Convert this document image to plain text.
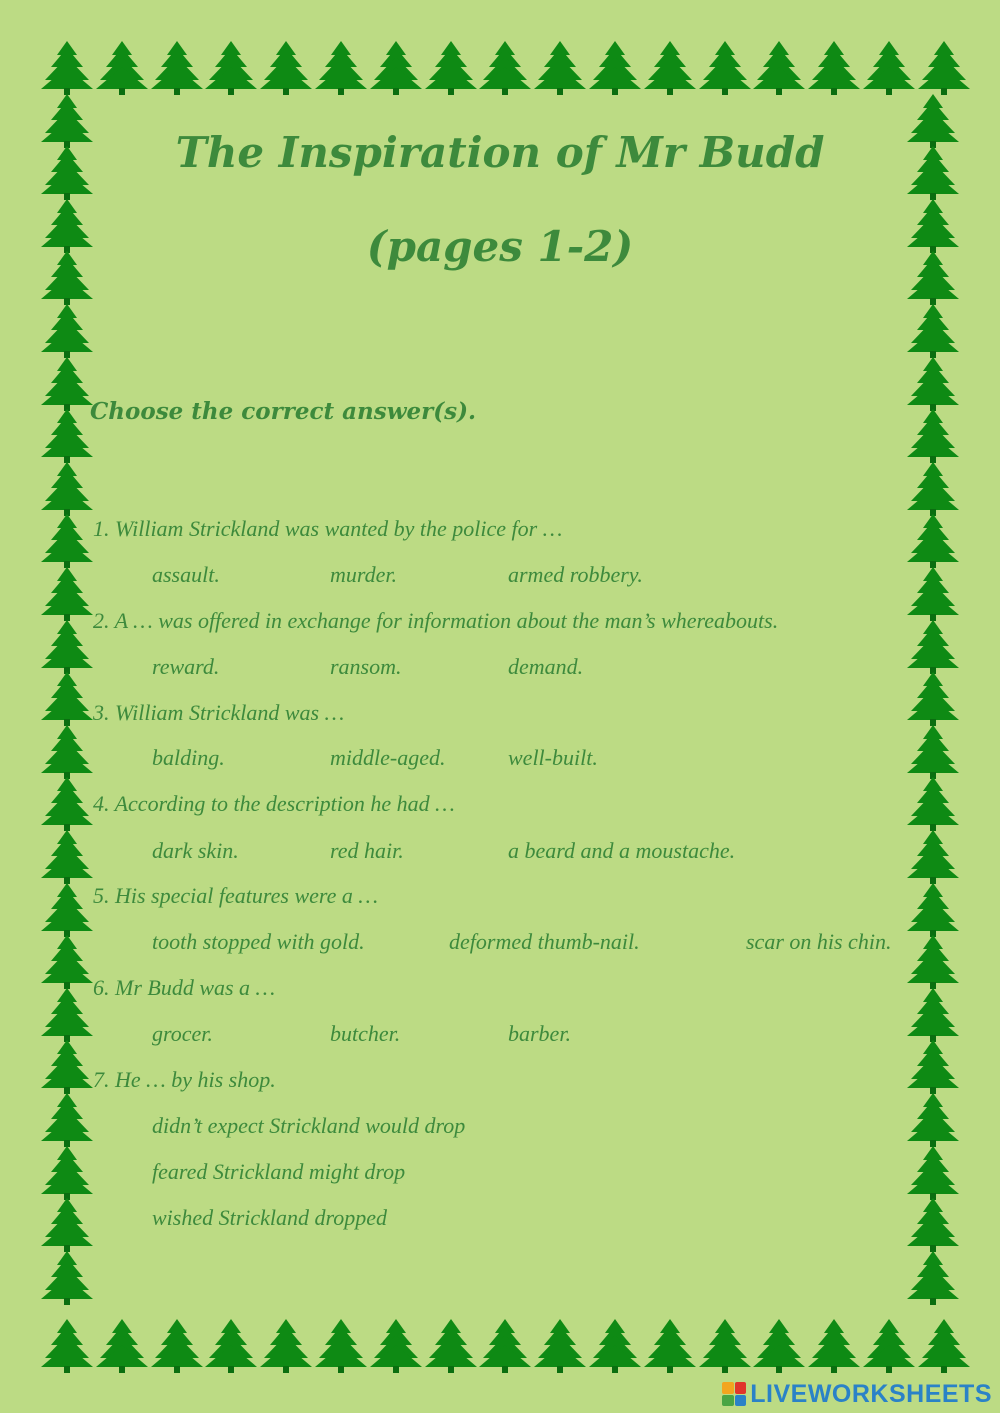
The Inspiration of Mr Budd
(pages 1-2)
Choose the correct answer(s).
1. William Strickland was wanted by the police for …
assault.	murder.	armed robbery.
2. A … was offered in exchange for information about the man’s whereabouts.
reward.	ransom.	demand.
3. William Strickland was …
balding.	middle-aged.	well-built.
4. According to the description he had …
dark skin.	red hair.	a beard and a moustache.
5. His special features were a …
tooth stopped with gold.	deformed thumb-nail.	scar on his chin.
6. Mr Budd was a …
grocer.	butcher.	barber.
7. He … by his shop.
didn’t expect Strickland would drop
feared Strickland might drop
wished Strickland dropped
LIVEWORKSHEETS
